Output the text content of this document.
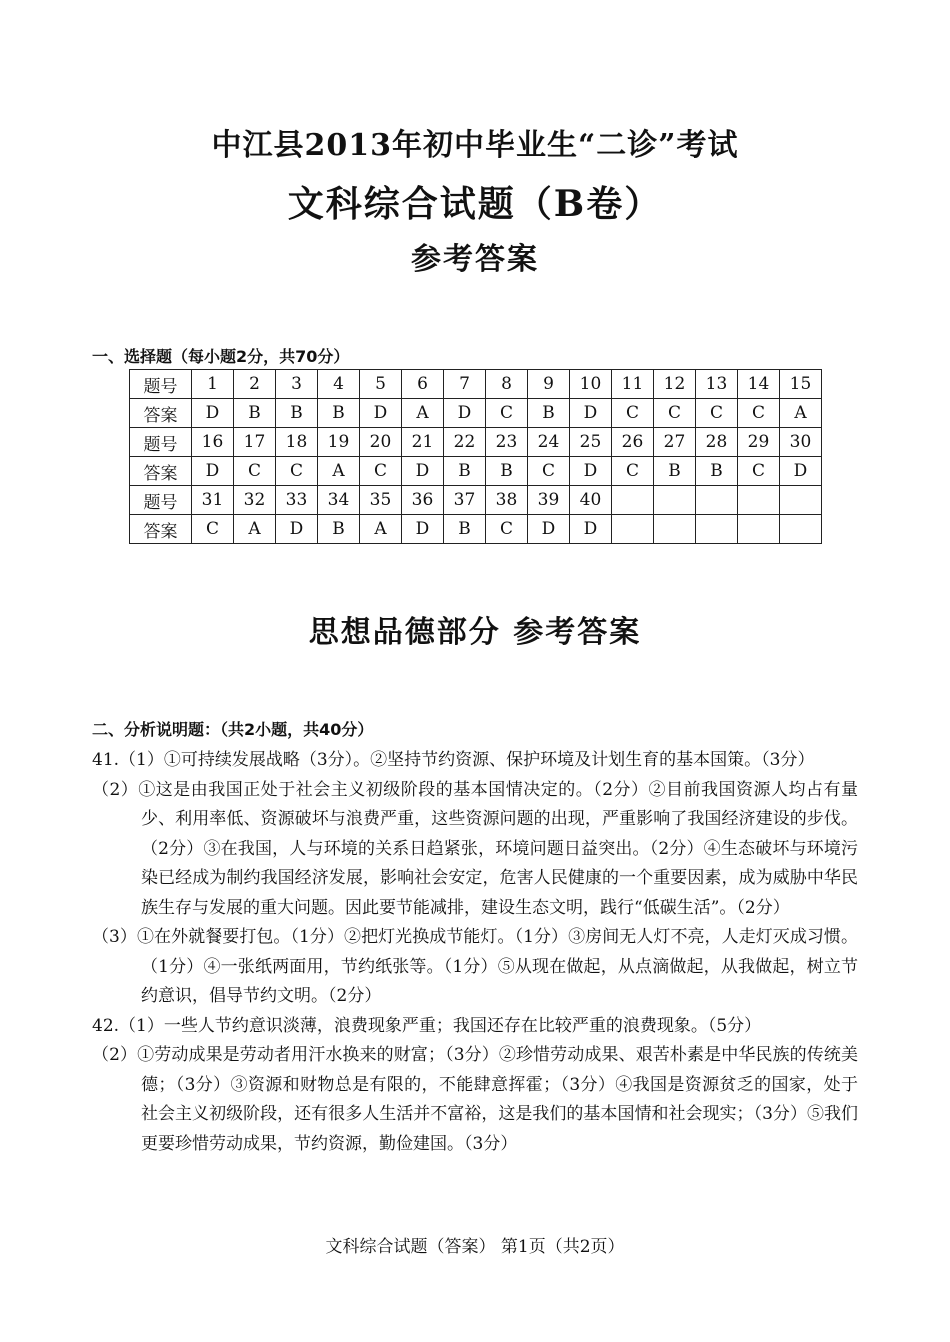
中江县2013年初中毕业生“二诊”考试
文科综合试题（B卷）
参考答案
一、选择题（每小题2分，共70分）
题号	1	2	3	4	5	6	7	8	9	10	11	12	13	14	15
答案	D	B	B	B	D	A	D	C	B	D	C	C	C	C	A
题号	16	17	18	19	20	21	22	23	24	25	26	27	28	29	30
答案	D	C	C	A	C	D	B	B	C	D	C	B	B	C	D
题号	31	32	33	34	35	36	37	38	39	40					
答案	C	A	D	B	A	D	B	C	D	D					
思想品德部分 参考答案
二、分析说明题：（共2小题，共40分）

41.（1）①可持续发展战略（3分）。②坚持节约资源、保护环境及计划生育的基本国策。（3分）

（2）①这是由我国正处于社会主义初级阶段的基本国情决定的。（2分）②目前我国资源人均占有量少、利用率低、资源破坏与浪费严重，这些资源问题的出现，严重影响了我国经济建设的步伐。（2分）③在我国，人与环境的关系日趋紧张，环境问题日益突出。（2分）④生态破坏与环境污染已经成为制约我国经济发展，影响社会安定，危害人民健康的一个重要因素，成为威胁中华民族生存与发展的重大问题。因此要节能减排，建设生态文明，践行“低碳生活”。（2分）

（3）①在外就餐要打包。（1分）②把灯光换成节能灯。（1分）③房间无人灯不亮，人走灯灭成习惯。（1分）④一张纸两面用，节约纸张等。（1分）⑤从现在做起，从点滴做起，从我做起，树立节约意识，倡导节约文明。（2分）

42.（1）一些人节约意识淡薄，浪费现象严重；我国还存在比较严重的浪费现象。（5分）

（2）①劳动成果是劳动者用汗水换来的财富；（3分）②珍惜劳动成果、艰苦朴素是中华民族的传统美德；（3分）③资源和财物总是有限的，不能肆意挥霍；（3分）④我国是资源贫乏的国家，处于社会主义初级阶段，还有很多人生活并不富裕，这是我们的基本国情和社会现实；（3分）⑤我们更要珍惜劳动成果，节约资源，勤俭建国。（3分）

文科综合试题（答案） 第1页（共2页）
